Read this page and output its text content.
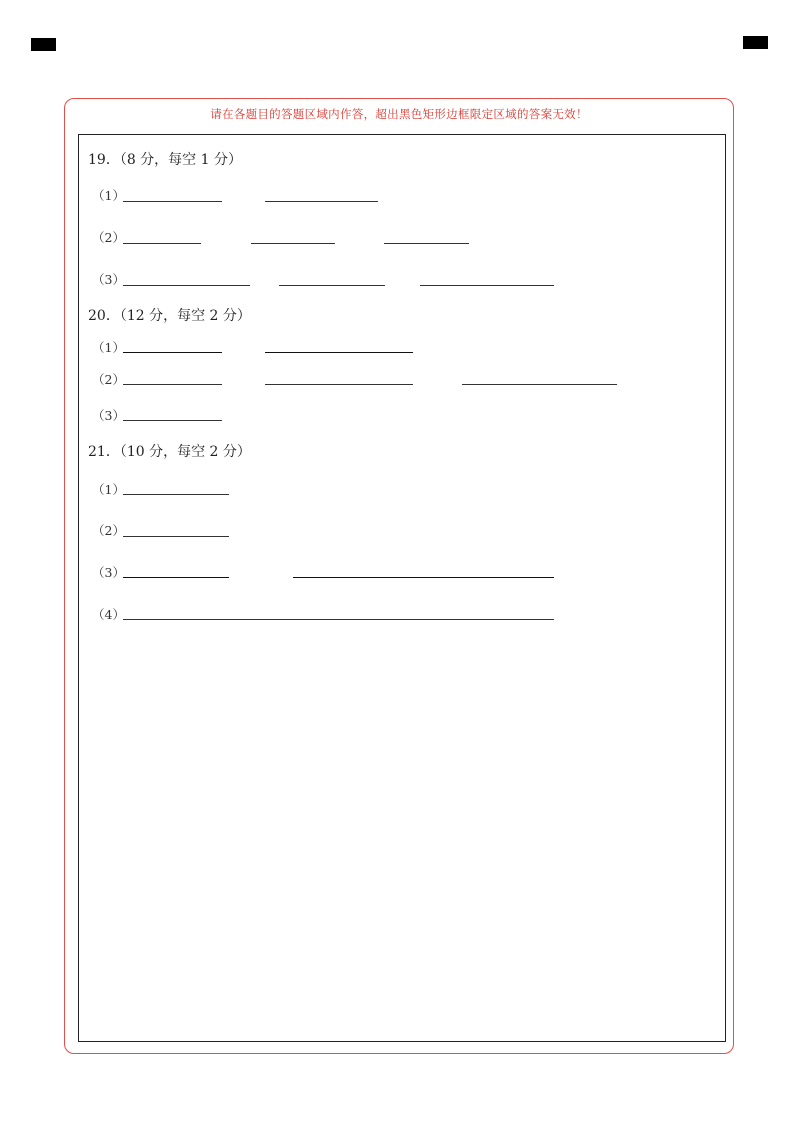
请在各题目的答题区域内作答，超出黑色矩形边框限定区域的答案无效！
19．（8 分，每空 1 分）
（1）
（2）
（3）
20．（12 分，每空 2 分）
（1）
（2）
（3）
21．（10 分，每空 2 分）
（1）
（2）
（3）
（4）
